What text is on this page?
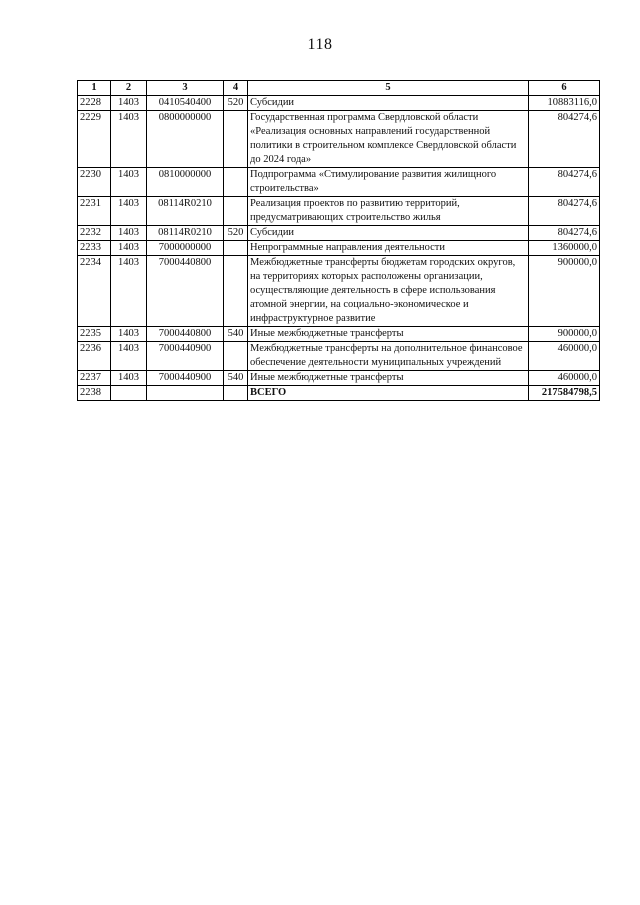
118
1	2	3	4	5	6
2228	1403	0410540400	520	Субсидии	10883116,0
2229	1403	0800000000		Государственная программа Свердловской области «Реализация основных направлений государственной политики в строительном комплексе Свердловской области до 2024 года»	804274,6
2230	1403	0810000000		Подпрограмма «Стимулирование развития жилищного строительства»	804274,6
2231	1403	08114R0210		Реализация проектов по развитию территорий, предусматривающих строительство жилья	804274,6
2232	1403	08114R0210	520	Субсидии	804274,6
2233	1403	7000000000		Непрограммные направления деятельности	1360000,0
2234	1403	7000440800		Межбюджетные трансферты бюджетам городских округов, на территориях которых расположены организации, осуществляющие деятельность в сфере использования атомной энергии, на социально-экономическое и инфраструктурное развитие	900000,0
2235	1403	7000440800	540	Иные межбюджетные трансферты	900000,0
2236	1403	7000440900		Межбюджетные трансферты на дополнительное финансовое обеспечение деятельности муниципальных учреждений	460000,0
2237	1403	7000440900	540	Иные межбюджетные трансферты	460000,0
2238				ВСЕГО	217584798,5
